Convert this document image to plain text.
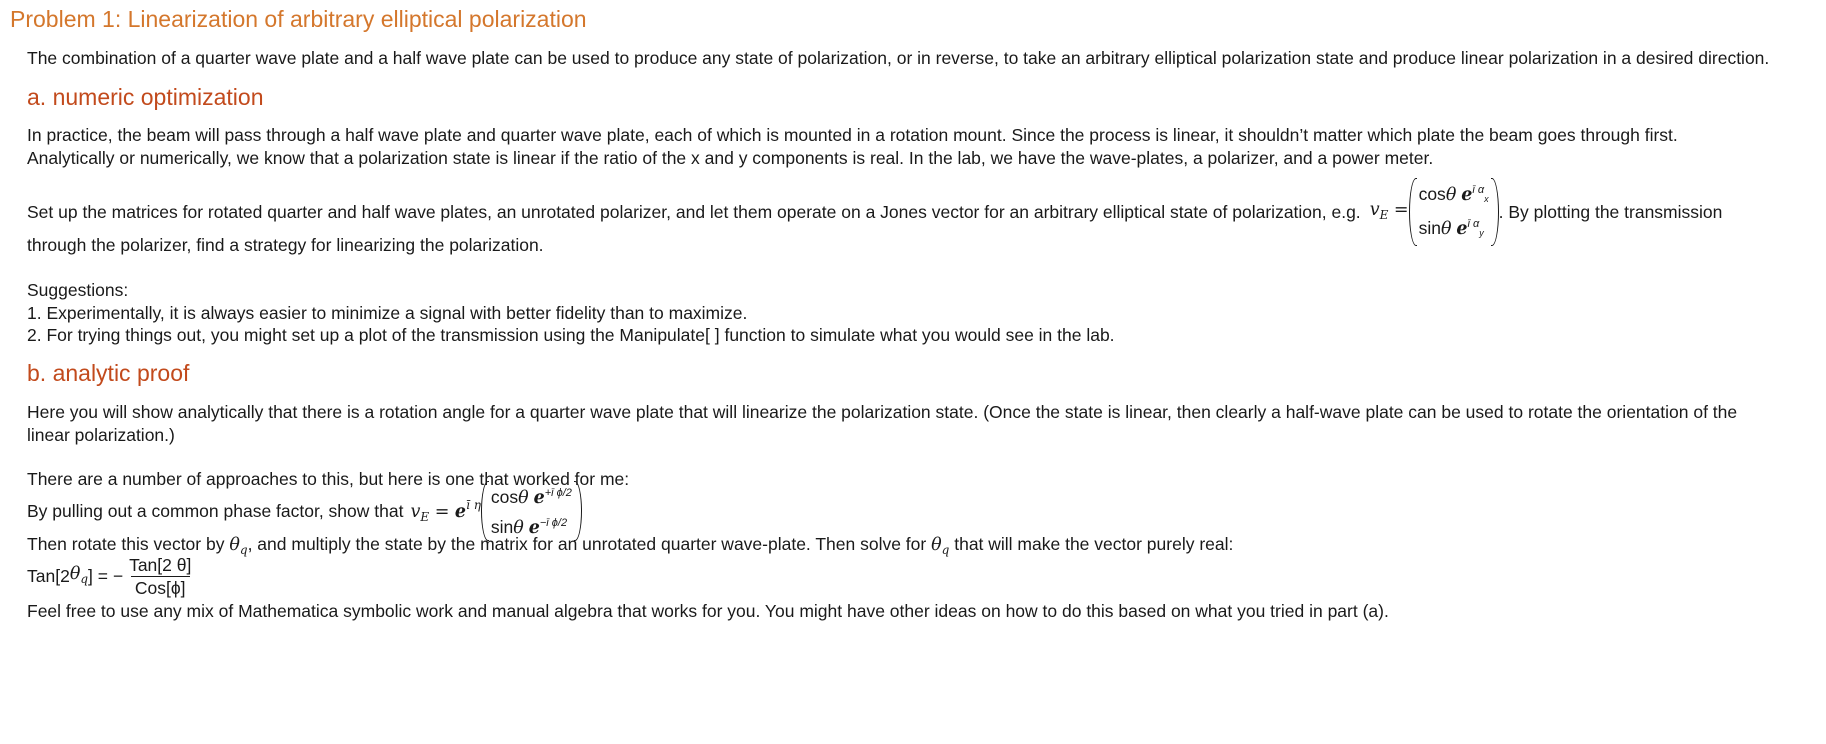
Problem 1: Linearization of arbitrary elliptical polarization
The combination of a quarter wave plate and a half wave plate can be used to produce any state of polarization, or in reverse, to take an arbitrary elliptical polarization state and produce linear polarization in a desired direction.
a. numeric optimization
In practice, the beam will pass through a half wave plate and quarter wave plate, each of which is mounted in a rotation mount. Since the process is linear, it shouldn’t matter which plate the beam goes through first.
Analytically or numerically, we know that a polarization state is linear if the ratio of the x and y components is real. In the lab, we have the wave-plates, a polarizer, and a power meter.
Set up the matrices for rotated quarter and half wave plates, an unrotated polarizer, and let them operate on a Jones vector for an arbitrary elliptical state of polarization, e.g. $v_E$ =
cosθ $e^{ī \alpha}x$
sinθ $e^{ī \alpha}y$
. By plotting the transmission
through the polarizer, find a strategy for linearizing the polarization.
Suggestions:
1. Experimentally, it is always easier to minimize a signal with better fidelity than to maximize.
2. For trying things out, you might set up a plot of the transmission using the Manipulate[ ] function to simulate what you would see in the lab.
b. analytic proof
Here you will show analytically that there is a rotation angle for a quarter wave plate that will linearize the polarization state. (Once the state is linear, then clearly a half-wave plate can be used to rotate the orientation of the
linear polarization.)
There are a number of approaches to this, but here is one that worked for me:
By pulling out a common phase factor, show that $v_E = e^{ī \eta}$ cosθ $e^{+ī \phi/2}$
sinθ $e^{-ī \phi/2}$
Then rotate this vector by $\theta_q$, and multiply the state by the matrix for an unrotated quarter wave-plate. Then solve for $\theta_q$ that will make the vector purely real:
Tan[2 $\theta_q$ ] = − $\frac{\text{Tan[2 θ]}}{\text{Cos[ϕ]}}$
Feel free to use any mix of Mathematica symbolic work and manual algebra that works for you. You might have other ideas on how to do this based on what you tried in part (a).
